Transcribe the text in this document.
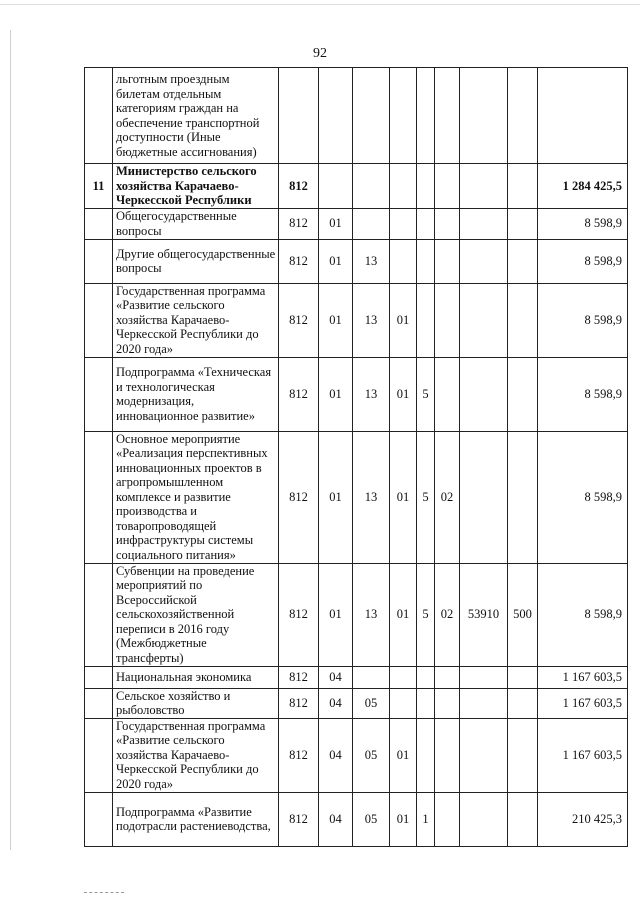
92
	льготным проездным билетам отдельным категориям граждан на обеспечение транспортной доступности (Иные бюджетные ассигнования)									
11	Министерство сельского хозяйства Карачаево-Черкесской Республики	812								1 284 425,5
	Общегосударственные вопросы	812	01							8 598,9
	Другие общегосударственные вопросы	812	01	13						8 598,9
	Государственная программа «Развитие сельского хозяйства Карачаево-Черкесской Республики до 2020 года»	812	01	13	01					8 598,9
	Подпрограмма «Техническая и технологическая модернизация, инновационное развитие»	812	01	13	01	5				8 598,9
	Основное мероприятие «Реализация перспективных инновационных проектов в агропромышленном комплексе и развитие производства и товаропроводящей инфраструктуры системы социального питания»	812	01	13	01	5	02			8 598,9
	Субвенции на проведение мероприятий по Всероссийской сельскохозяйственной переписи в 2016 году (Межбюджетные трансферты)	812	01	13	01	5	02	53910	500	8 598,9
	Национальная экономика	812	04							1 167 603,5
	Сельское хозяйство и рыболовство	812	04	05						1 167 603,5
	Государственная программа «Развитие сельского хозяйства Карачаево-Черкесской Республики до 2020 года»	812	04	05	01					1 167 603,5
	Подпрограмма «Развитие подотрасли растениеводства,	812	04	05	01	1				210 425,3
